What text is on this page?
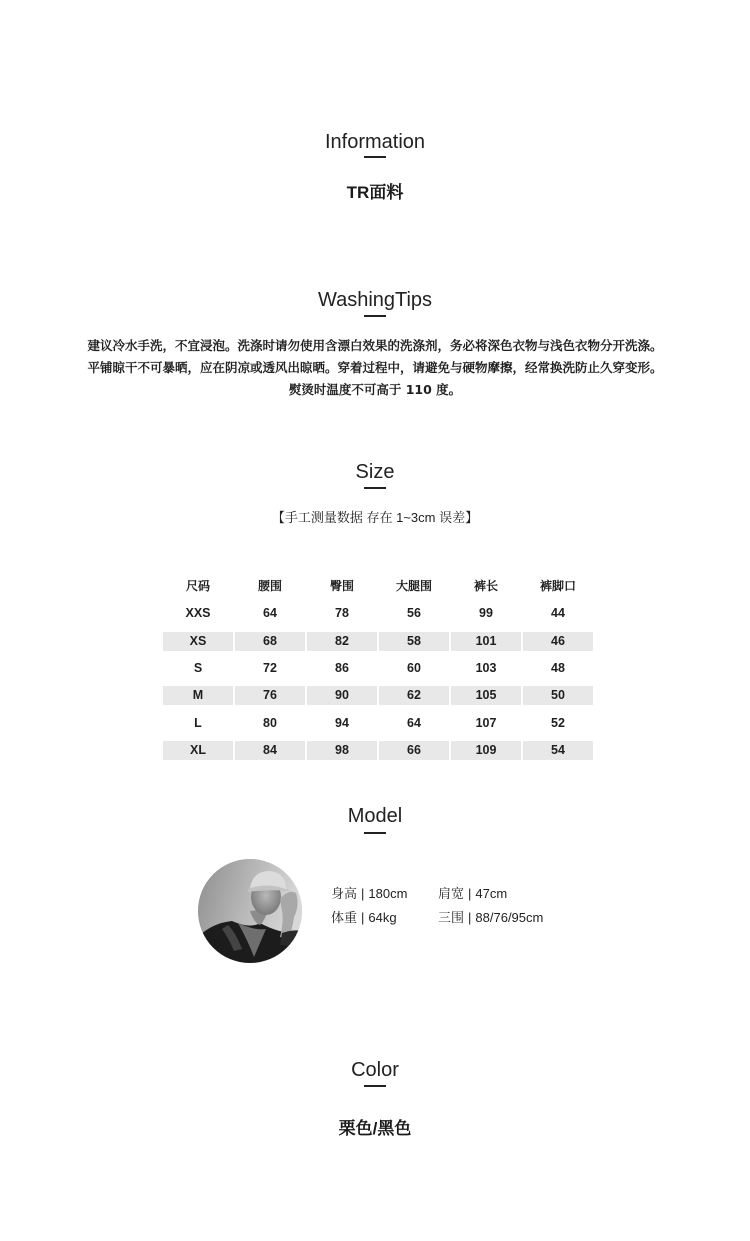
Information
TR面料
WashingTips

建议冷水手洗，不宜浸泡。洗涤时请勿使用含漂白效果的洗涤剂，务必将深色衣物与浅色衣物分开洗涤。

平铺晾干不可暴晒，应在阴凉或透风出晾晒。穿着过程中，请避免与硬物摩擦，经常换洗防止久穿变形。

熨烫时温度不可高于 110 度。

Size
【手工测量数据 存在 1~3cm 误差】
尺码	腰围	臀围	大腿围	裤长	裤脚口
XXS	64	78	56	99	44
XS	68	82	58	101	46
S	72	86	60	103	48
M	76	90	62	105	50
L	80	94	64	107	52
XL	84	98	66	109	54
Model
身高 | 180cm	肩宽 | 47cm
体重 | 64kg	三围 | 88/76/95cm
Color
栗色/黑色
